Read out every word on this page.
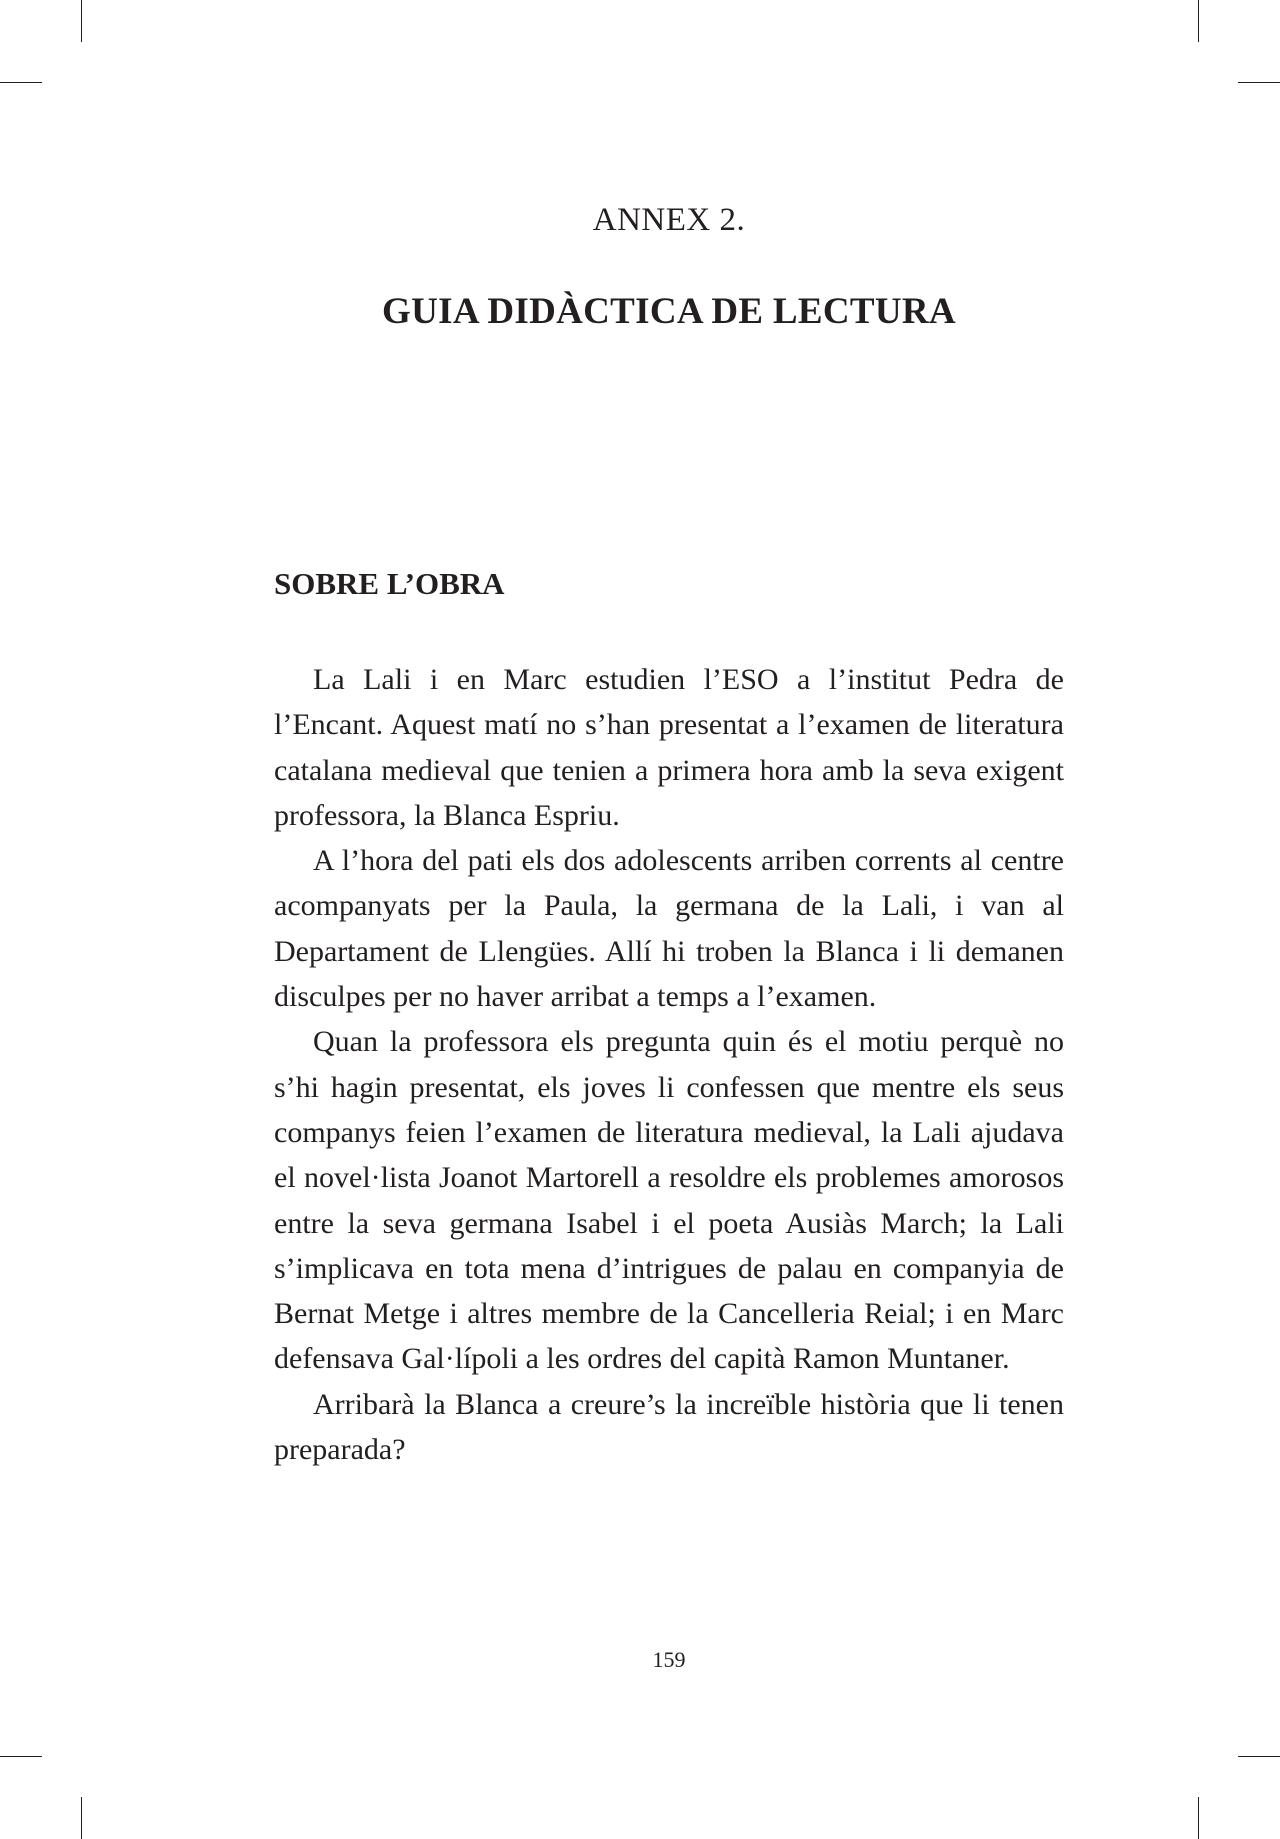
ANNEX 2.
GUIA DIDÀCTICA DE LECTURA
SOBRE L’OBRA

La Lali i en Marc estudien l’ESO a l’institut Pedra de l’Encant. Aquest matí no s’han presentat a l’examen de literatura catalana medieval que tenien a primera hora amb la seva exigent professora, la Blanca Espriu.

A l’hora del pati els dos adolescents arriben corrents al centre acompanyats per la Paula, la germana de la Lali, i van al Departament de Llengües. Allí hi troben la Blanca i li demanen disculpes per no haver arribat a temps a l’examen.

Quan la professora els pregunta quin és el motiu perquè no s’hi hagin presentat, els joves li confessen que mentre els seus companys feien l’examen de literatura medieval, la Lali ajudava el novel·lista Joanot Martorell a resoldre els problemes amorosos entre la seva germana Isabel i el poeta Ausiàs March; la Lali s’implicava en tota mena d’intrigues de palau en companyia de Bernat Metge i altres membre de la Cancelleria Reial; i en Marc defensava Gal·lípoli a les ordres del capità Ramon Muntaner.

Arribarà la Blanca a creure’s la increïble història que li tenen preparada?

159
